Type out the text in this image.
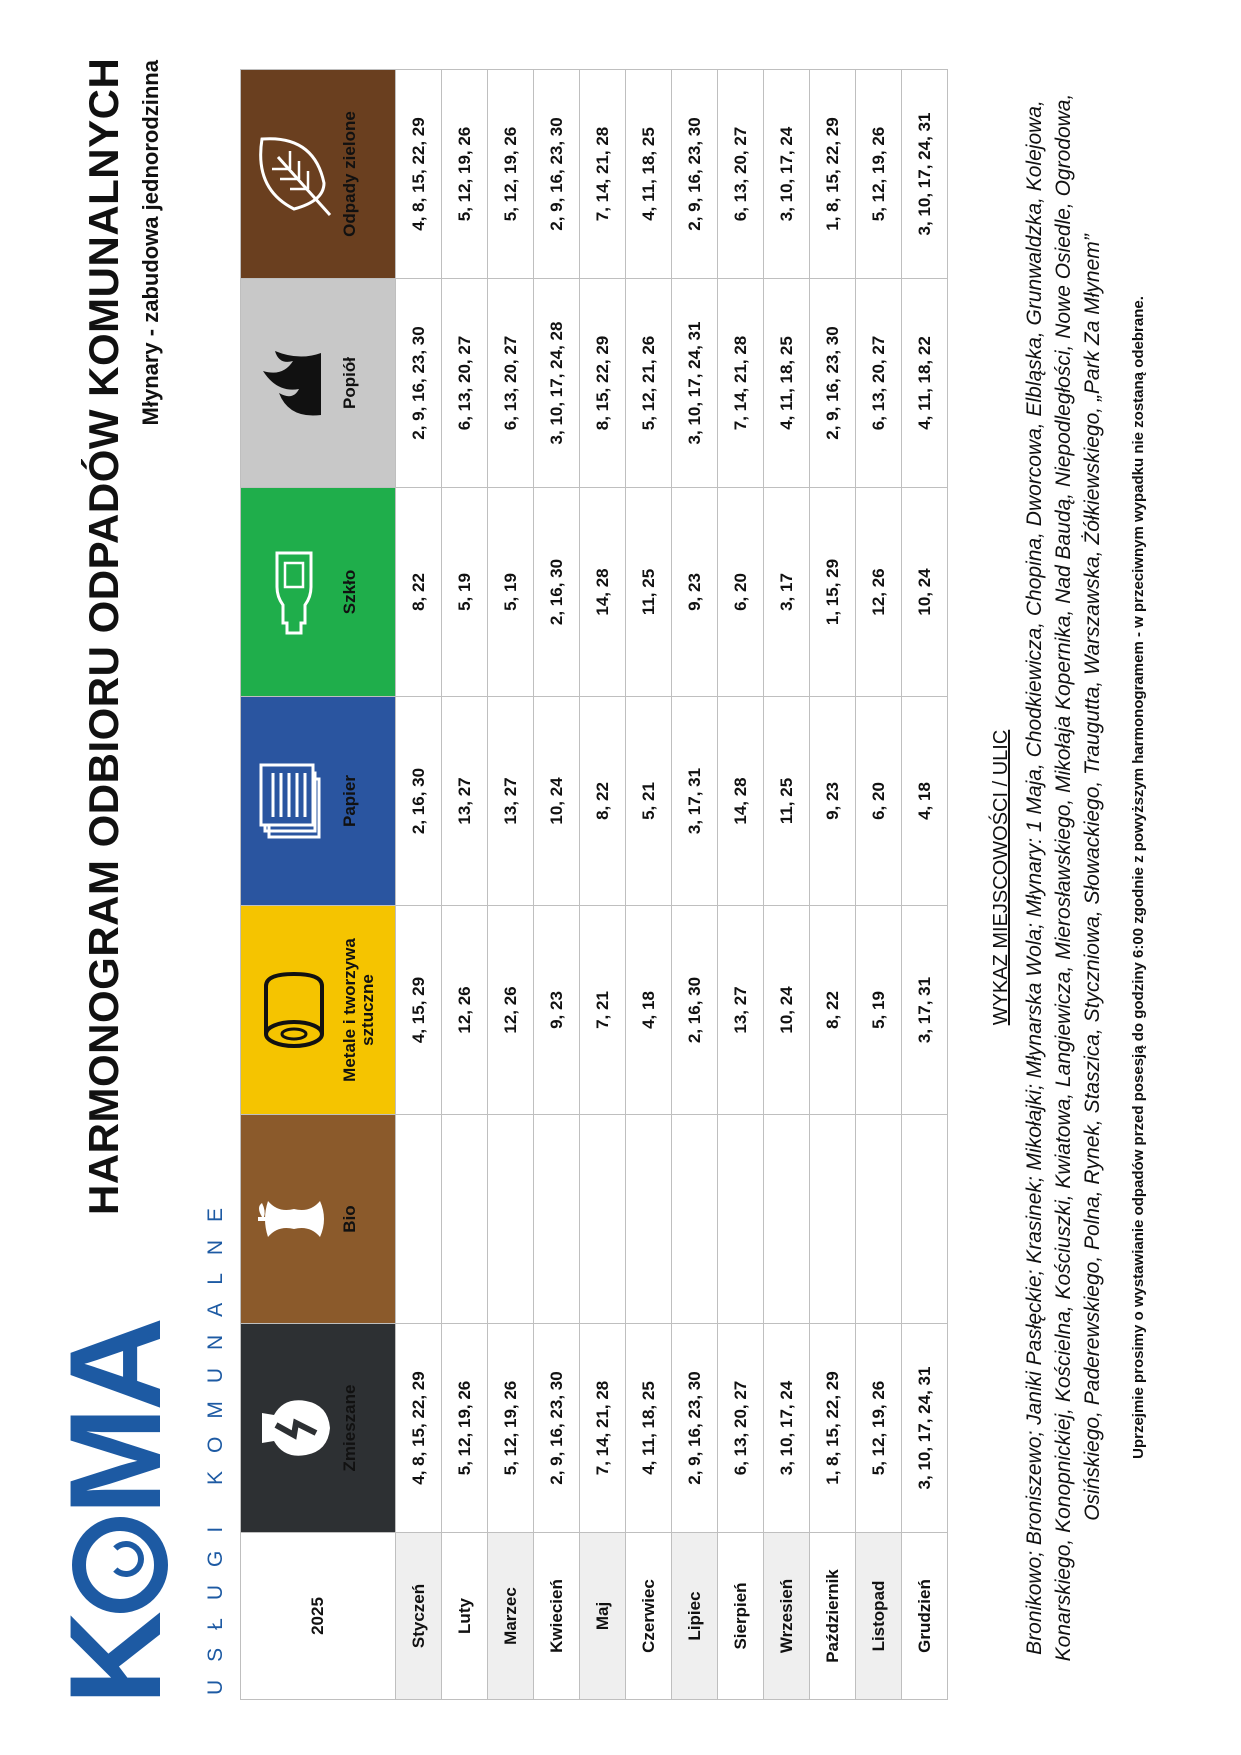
KMA USŁUGI KOMUNALNE
HARMONOGRAM ODBIORU ODPADÓW KOMUNALNYCH Młynary - zabudowa jednorodzinna
2025	Zmieszane	Bio	Metale i tworzywa sztuczne	Papier	Szkło	Popiół	Odpady zielone

Styczeń	4, 8, 15, 22, 29		4, 15, 29	2, 16, 30	8, 22	2, 9, 16, 23, 30	4, 8, 15, 22, 29
Luty	5, 12, 19, 26		12, 26	13, 27	5, 19	6, 13, 20, 27	5, 12, 19, 26
Marzec	5, 12, 19, 26		12, 26	13, 27	5, 19	6, 13, 20, 27	5, 12, 19, 26
Kwiecień	2, 9, 16, 23, 30		9, 23	10, 24	2, 16, 30	3, 10, 17, 24, 28	2, 9, 16, 23, 30
Maj	7, 14, 21, 28		7, 21	8, 22	14, 28	8, 15, 22, 29	7, 14, 21, 28
Czerwiec	4, 11, 18, 25		4, 18	5, 21	11, 25	5, 12, 21, 26	4, 11, 18, 25
Lipiec	2, 9, 16, 23, 30		2, 16, 30	3, 17, 31	9, 23	3, 10, 17, 24, 31	2, 9, 16, 23, 30
Sierpień	6, 13, 20, 27		13, 27	14, 28	6, 20	7, 14, 21, 28	6, 13, 20, 27
Wrzesień	3, 10, 17, 24		10, 24	11, 25	3, 17	4, 11, 18, 25	3, 10, 17, 24
Październik	1, 8, 15, 22, 29		8, 22	9, 23	1, 15, 29	2, 9, 16, 23, 30	1, 8, 15, 22, 29
Listopad	5, 12, 19, 26		5, 19	6, 20	12, 26	6, 13, 20, 27	5, 12, 19, 26
Grudzień	3, 10, 17, 24, 31		3, 17, 31	4, 18	10, 24	4, 11, 18, 22	3, 10, 17, 24, 31
WYKAZ MIEJSCOWOŚCI / ULIC Bronikowo; Broniszewo; Janiki Pasłęckie; Krasinek; Mikołajki; Młynarska Wola; Młynary: 1 Maja, Chodkiewicza, Chopina, Dworcowa, Elbląska, Grunwaldzka, Kolejowa, Konarskiego, Konopnickiej, Kościelna, Kościuszki, Kwiatowa, Langiewicza, Mierosławskiego, Mikołaja Kopernika, Nad Baudą, Niepodległości, Nowe Osiedle, Ogrodowa, Osińskiego, Paderewskiego, Polna, Rynek, Staszica, Styczniowa, Słowackiego, Traugutta, Warszawska, Żółkiewskiego, „Park Za Młynem” Uprzejmie prosimy o wystawianie odpadów przed posesją do godziny 6:00 zgodnie z powyższym harmonogramem - w przeciwnym wypadku nie zostaną odebrane.
